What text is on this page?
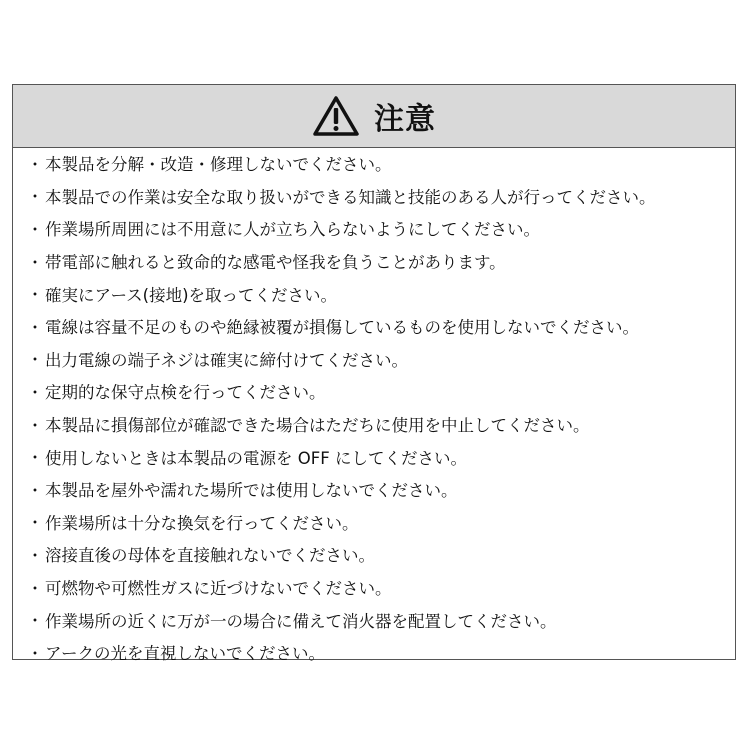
注意
・ 本製品を分解・改造・修理しないでください。
・ 本製品での作業は安全な取り扱いができる知識と技能のある人が行ってください。
・ 作業場所周囲には不用意に人が立ち入らないようにしてください。
・ 帯電部に触れると致命的な感電や怪我を負うことがあります。
・ 確実にアース(接地)を取ってください。
・ 電線は容量不足のものや絶縁被覆が損傷しているものを使用しないでください。
・ 出力電線の端子ネジは確実に締付けてください。
・ 定期的な保守点検を行ってください。
・ 本製品に損傷部位が確認できた場合はただちに使用を中止してください。
・ 使用しないときは本製品の電源を OFF にしてください。
・ 本製品を屋外や濡れた場所では使用しないでください。
・ 作業場所は十分な換気を行ってください。
・ 溶接直後の母体を直接触れないでください。
・ 可燃物や可燃性ガスに近づけないでください。
・ 作業場所の近くに万が一の場合に備えて消火器を配置してください。
・ アークの光を直視しないでください。
